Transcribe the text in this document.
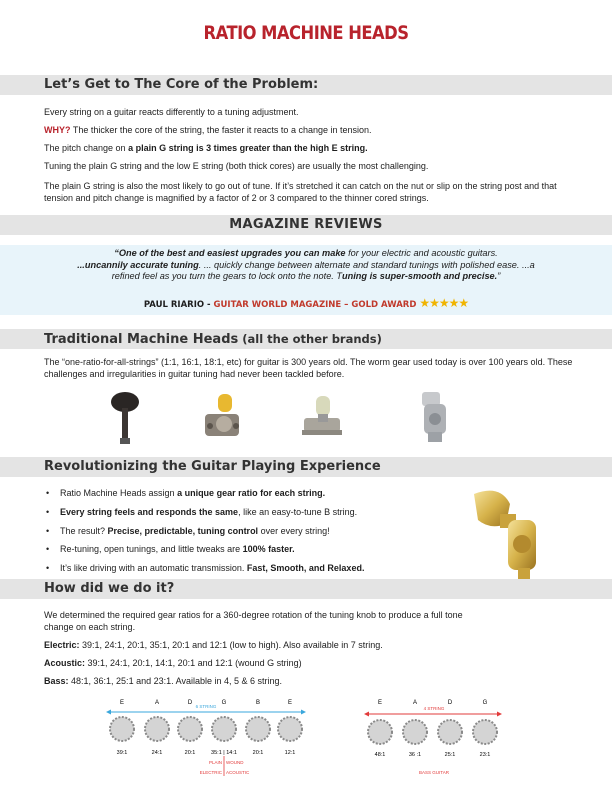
RATIO MACHINE HEADS
Let’s Get to The Core of the Problem:
Every string on a guitar reacts differently to a tuning adjustment.
WHY? The thicker the core of the string, the faster it reacts to a change in tension.
The pitch change on a plain G string is 3 times greater than the high E string.
Tuning the plain G string and the low E string (both thick cores) are usually the most challenging.
The plain G string is also the most likely to go out of tune. If it’s stretched it can catch on the nut or slip on the string post and that tension and pitch change is magnified by a factor of 2 or 3 compared to the thinner cored strings.
MAGAZINE REVIEWS
“One of the best and easiest upgrades you can make for your electric and acoustic guitars.
...uncannily accurate tuning. ... quickly change between alternate and standard tunings with polished ease. ...a refined feel as you turn the gears to lock onto the note. Tuning is super-smooth and precise.”
PAUL RIARIO - GUITAR WORLD MAGAZINE – GOLD AWARD ★★★★★
Traditional Machine Heads (all the other brands)
The “one-ratio-for-all-strings” (1:1, 16:1, 18:1, etc) for guitar is 300 years old. The worm gear used today is over 100 years old. These challenges and irregularities in guitar tuning had never been tackled before.
Revolutionizing the Guitar Playing Experience
• Ratio Machine Heads assign a unique gear ratio for each string.
• Every string feels and responds the same, like an easy-to-tune B string.
• The result? Precise, predictable, tuning control over every string!
• Re-tuning, open tunings, and little tweaks are 100% faster.
• It’s like driving with an automatic transmission. Fast, Smooth, and Relaxed.
How did we do it?
We determined the required gear ratios for a 360-degree rotation of the tuning knob to produce a full tone change on each string.
Electric: 39:1, 24:1, 20:1, 35:1, 20:1 and 12:1 (low to high). Also available in 7 string.
Acoustic: 39:1, 24:1, 20:1, 14:1, 20:1 and 12:1 (wound G string)
Bass: 48:1, 36:1, 25:1 and 23:1. Available in 4, 5 & 6 string.
E	A	D	G	B	E
6 STRING
39:1	24:1	20:1	35:1 | 14:1	20:1	12:1
PLAIN WOUND
ELECTRIC ACOUSTIC
E	A	D	G
4 STRING
48:1	36 :1	25:1	23:1
BASS GUITAR
